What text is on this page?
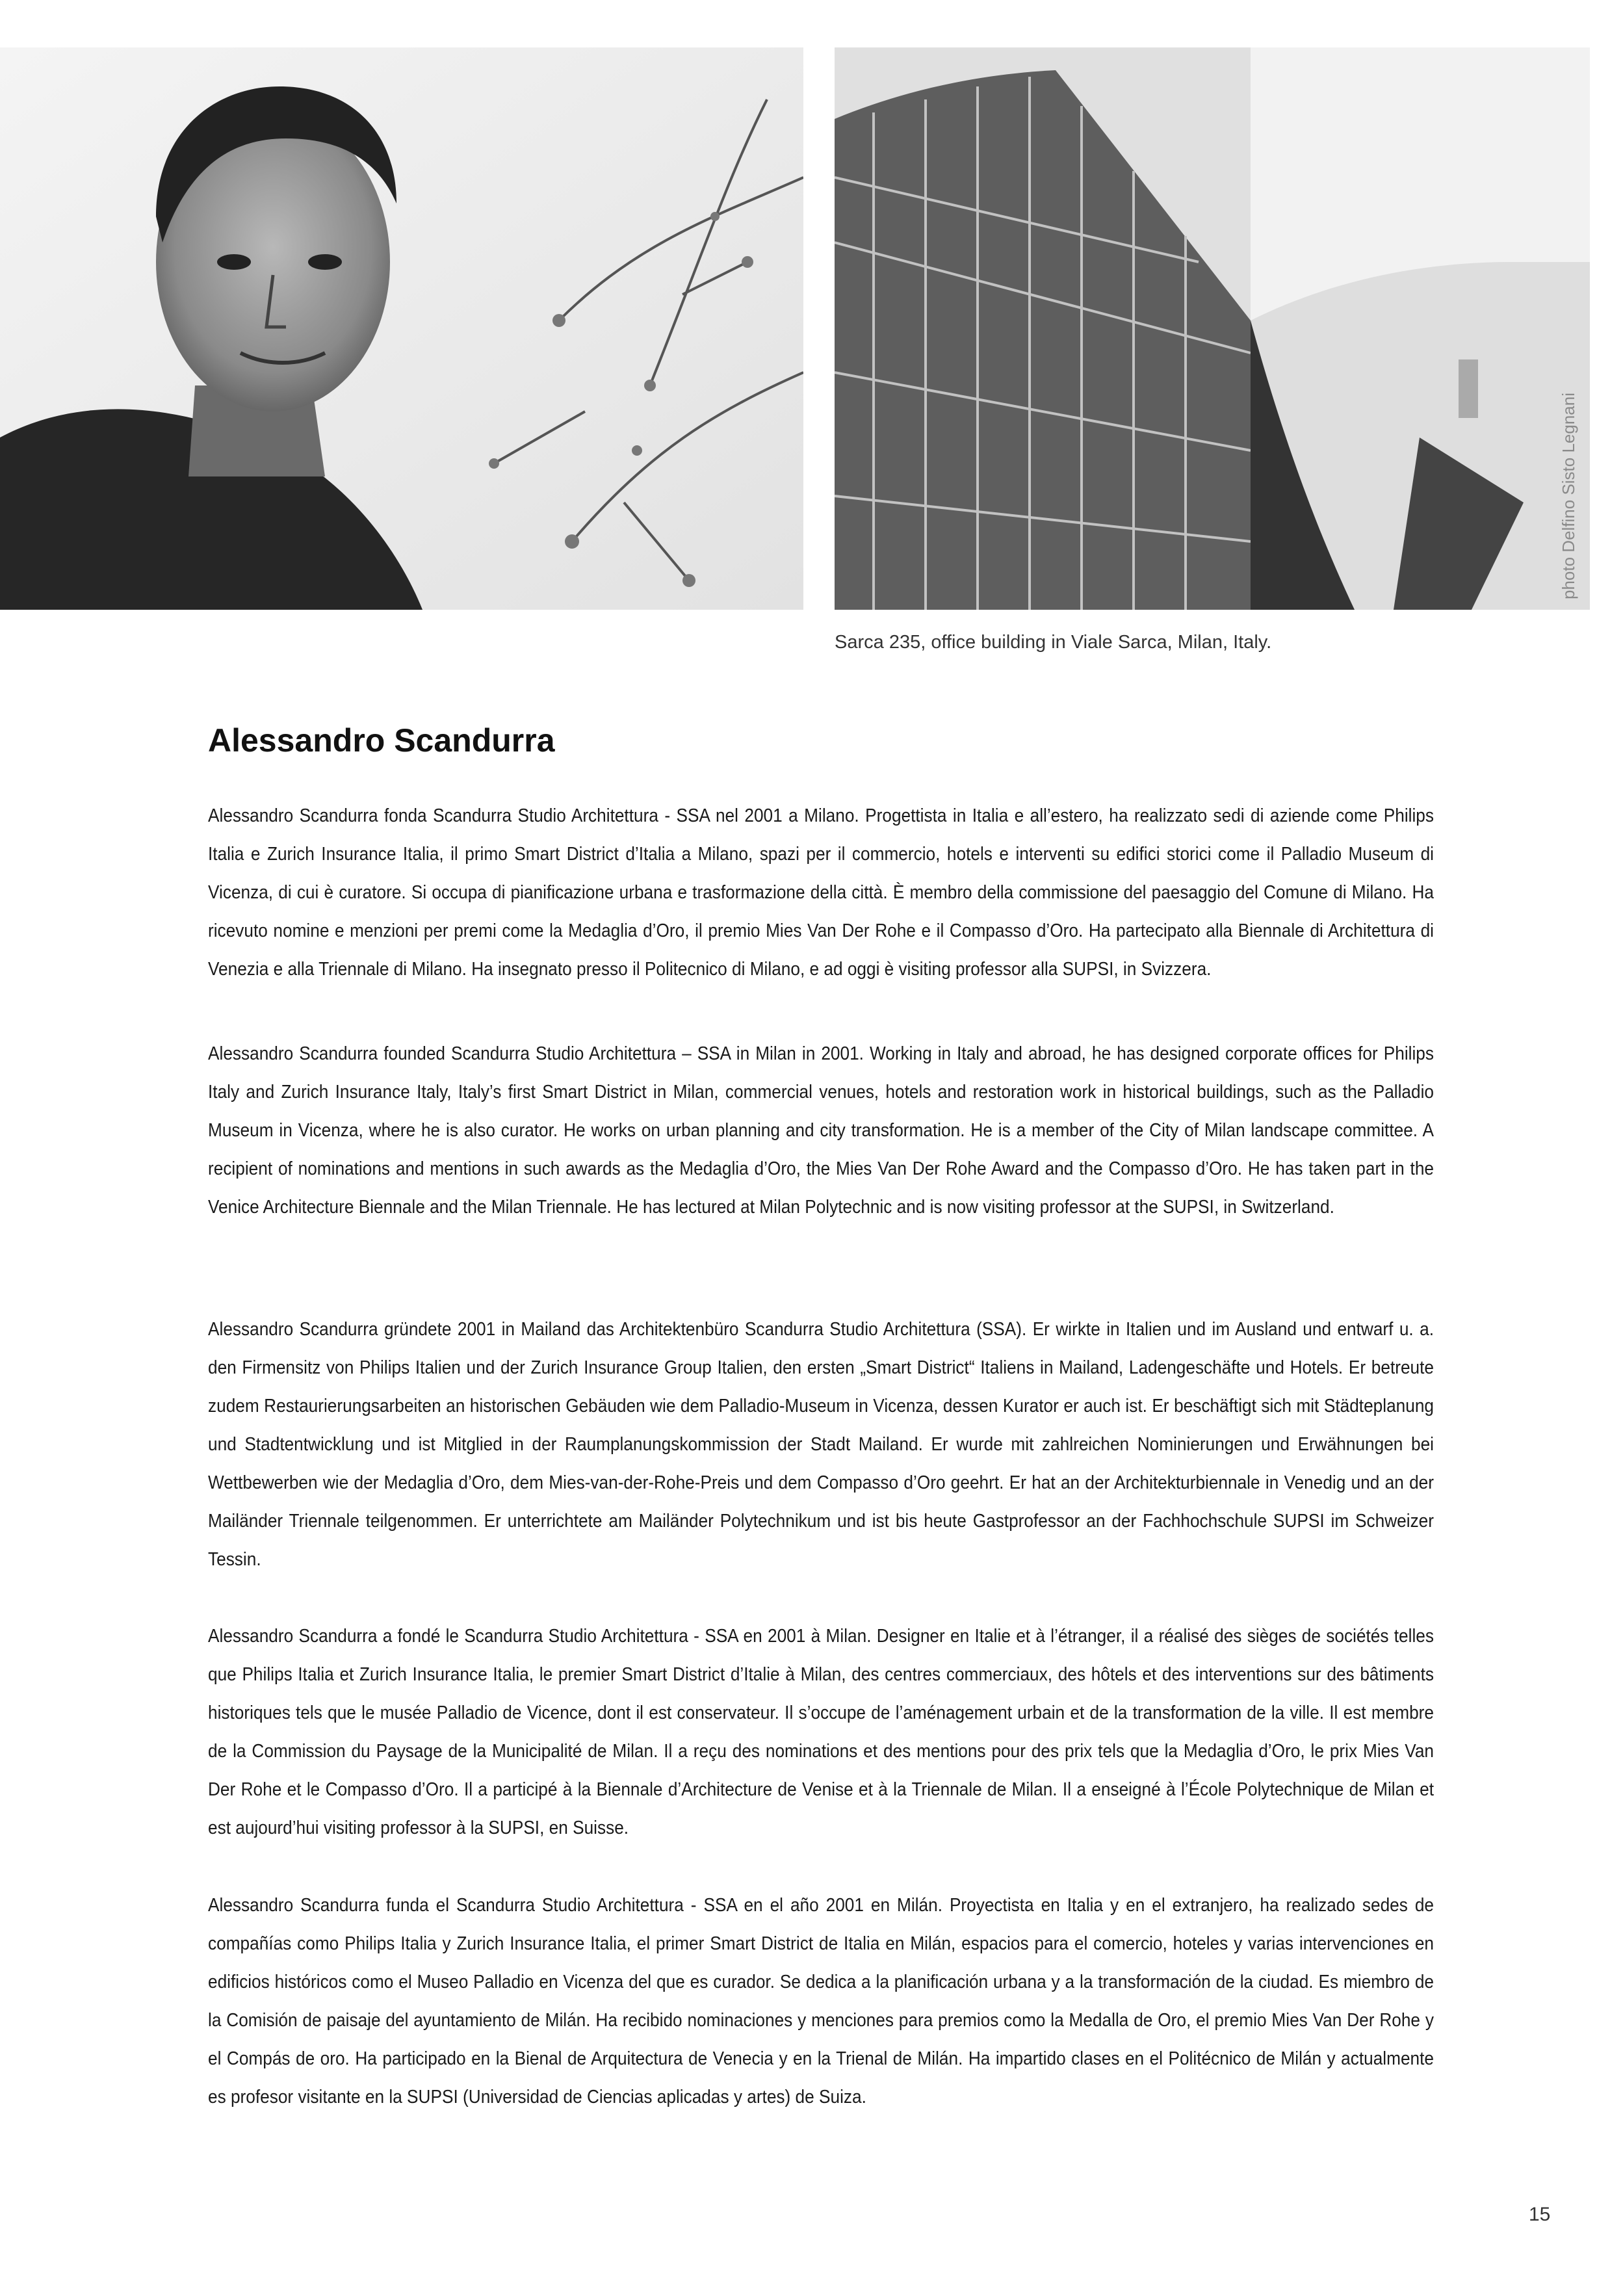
photo Delfino Sisto Legnani
Sarca 235, office building in Viale Sarca, Milan, Italy.
Alessandro Scandurra

Alessandro Scandurra fonda Scandurra Studio Architettura - SSA nel 2001 a Milano. Progettista in Italia e all’estero, ha realizzato sedi di aziende come Philips Italia e Zurich Insurance Italia, il primo Smart District d’Italia a Milano, spazi per il commercio, hotels e interventi su edifici storici come il Palladio Museum di Vicenza, di cui è curatore. Si occupa di pianificazione urbana e trasformazione della città. È membro della commissione del paesaggio del Comune di Milano. Ha ricevuto nomine e menzioni per premi come la Medaglia d’Oro, il premio Mies Van Der Rohe e il Compasso d’Oro. Ha partecipato alla Biennale di Architettura di Venezia e alla Triennale di Milano. Ha insegnato presso il Politecnico di Milano, e ad oggi è visiting professor alla SUPSI, in Svizzera.

Alessandro Scandurra founded Scandurra Studio Architettura – SSA in Milan in 2001. Working in Italy and abroad, he has designed corporate offices for Philips Italy and Zurich Insurance Italy, Italy’s first Smart District in Milan, commercial venues, hotels and restoration work in historical buildings, such as the Palladio Museum in Vicenza, where he is also curator. He works on urban planning and city transformation. He is a member of the City of Milan landscape committee. A recipient of nominations and mentions in such awards as the Medaglia d’Oro, the Mies Van Der Rohe Award and the Compasso d’Oro. He has taken part in the Venice Architecture Biennale and the Milan Triennale. He has lectured at Milan Polytechnic and is now visiting professor at the SUPSI, in Switzerland.

Alessandro Scandurra gründete 2001 in Mailand das Architektenbüro Scandurra Studio Architettura (SSA). Er wirkte in Italien und im Ausland und entwarf u. a. den Firmensitz von Philips Italien und der Zurich Insurance Group Italien, den ersten „Smart District“ Italiens in Mailand, Ladengeschäfte und Hotels. Er betreute zudem Restaurierungsarbeiten an historischen Gebäuden wie dem Palladio-Museum in Vicenza, dessen Kurator er auch ist. Er beschäftigt sich mit Städteplanung und Stadtentwicklung und ist Mitglied in der Raumplanungskommission der Stadt Mailand. Er wurde mit zahlreichen Nominierungen und Erwähnungen bei Wettbewerben wie der Medaglia d’Oro, dem Mies-van-der-Rohe-Preis und dem Compasso d’Oro geehrt. Er hat an der Architekturbiennale in Venedig und an der Mailänder Triennale teilgenommen. Er unterrichtete am Mailänder Polytechnikum und ist bis heute Gastprofessor an der Fachhochschule SUPSI im Schweizer Tessin.

Alessandro Scandurra a fondé le Scandurra Studio Architettura - SSA en 2001 à Milan. Designer en Italie et à l’étranger, il a réalisé des sièges de sociétés telles que Philips Italia et Zurich Insurance Italia, le premier Smart District d’Italie à Milan, des centres commerciaux, des hôtels et des interventions sur des bâtiments historiques tels que le musée Palladio de Vicence, dont il est conservateur. Il s’occupe de l’aménagement urbain et de la transformation de la ville. Il est membre de la Commission du Paysage de la Municipalité de Milan. Il a reçu des nominations et des mentions pour des prix tels que la Medaglia d’Oro, le prix Mies Van Der Rohe et le Compasso d’Oro. Il a participé à la Biennale d’Architecture de Venise et à la Triennale de Milan. Il a enseigné à l’École Polytechnique de Milan et est aujourd’hui visiting professor à la SUPSI, en Suisse.

Alessandro Scandurra funda el Scandurra Studio Architettura - SSA en el año 2001 en Milán. Proyectista en Italia y en el extranjero, ha realizado sedes de compañías como Philips Italia y Zurich Insurance Italia, el primer Smart District de Italia en Milán, espacios para el comercio, hoteles y varias intervenciones en edificios históricos como el Museo Palladio en Vicenza del que es curador. Se dedica a la planificación urbana y a la transformación de la ciudad. Es miembro de la Comisión de paisaje del ayuntamiento de Milán. Ha recibido nominaciones y menciones para premios como la Medalla de Oro, el premio Mies Van Der Rohe y el Compás de oro. Ha participado en la Bienal de Arquitectura de Venecia y en la Trienal de Milán. Ha impartido clases en el Politécnico de Milán y actualmente es profesor visitante en la SUPSI (Universidad de Ciencias aplicadas y artes) de Suiza.

15
